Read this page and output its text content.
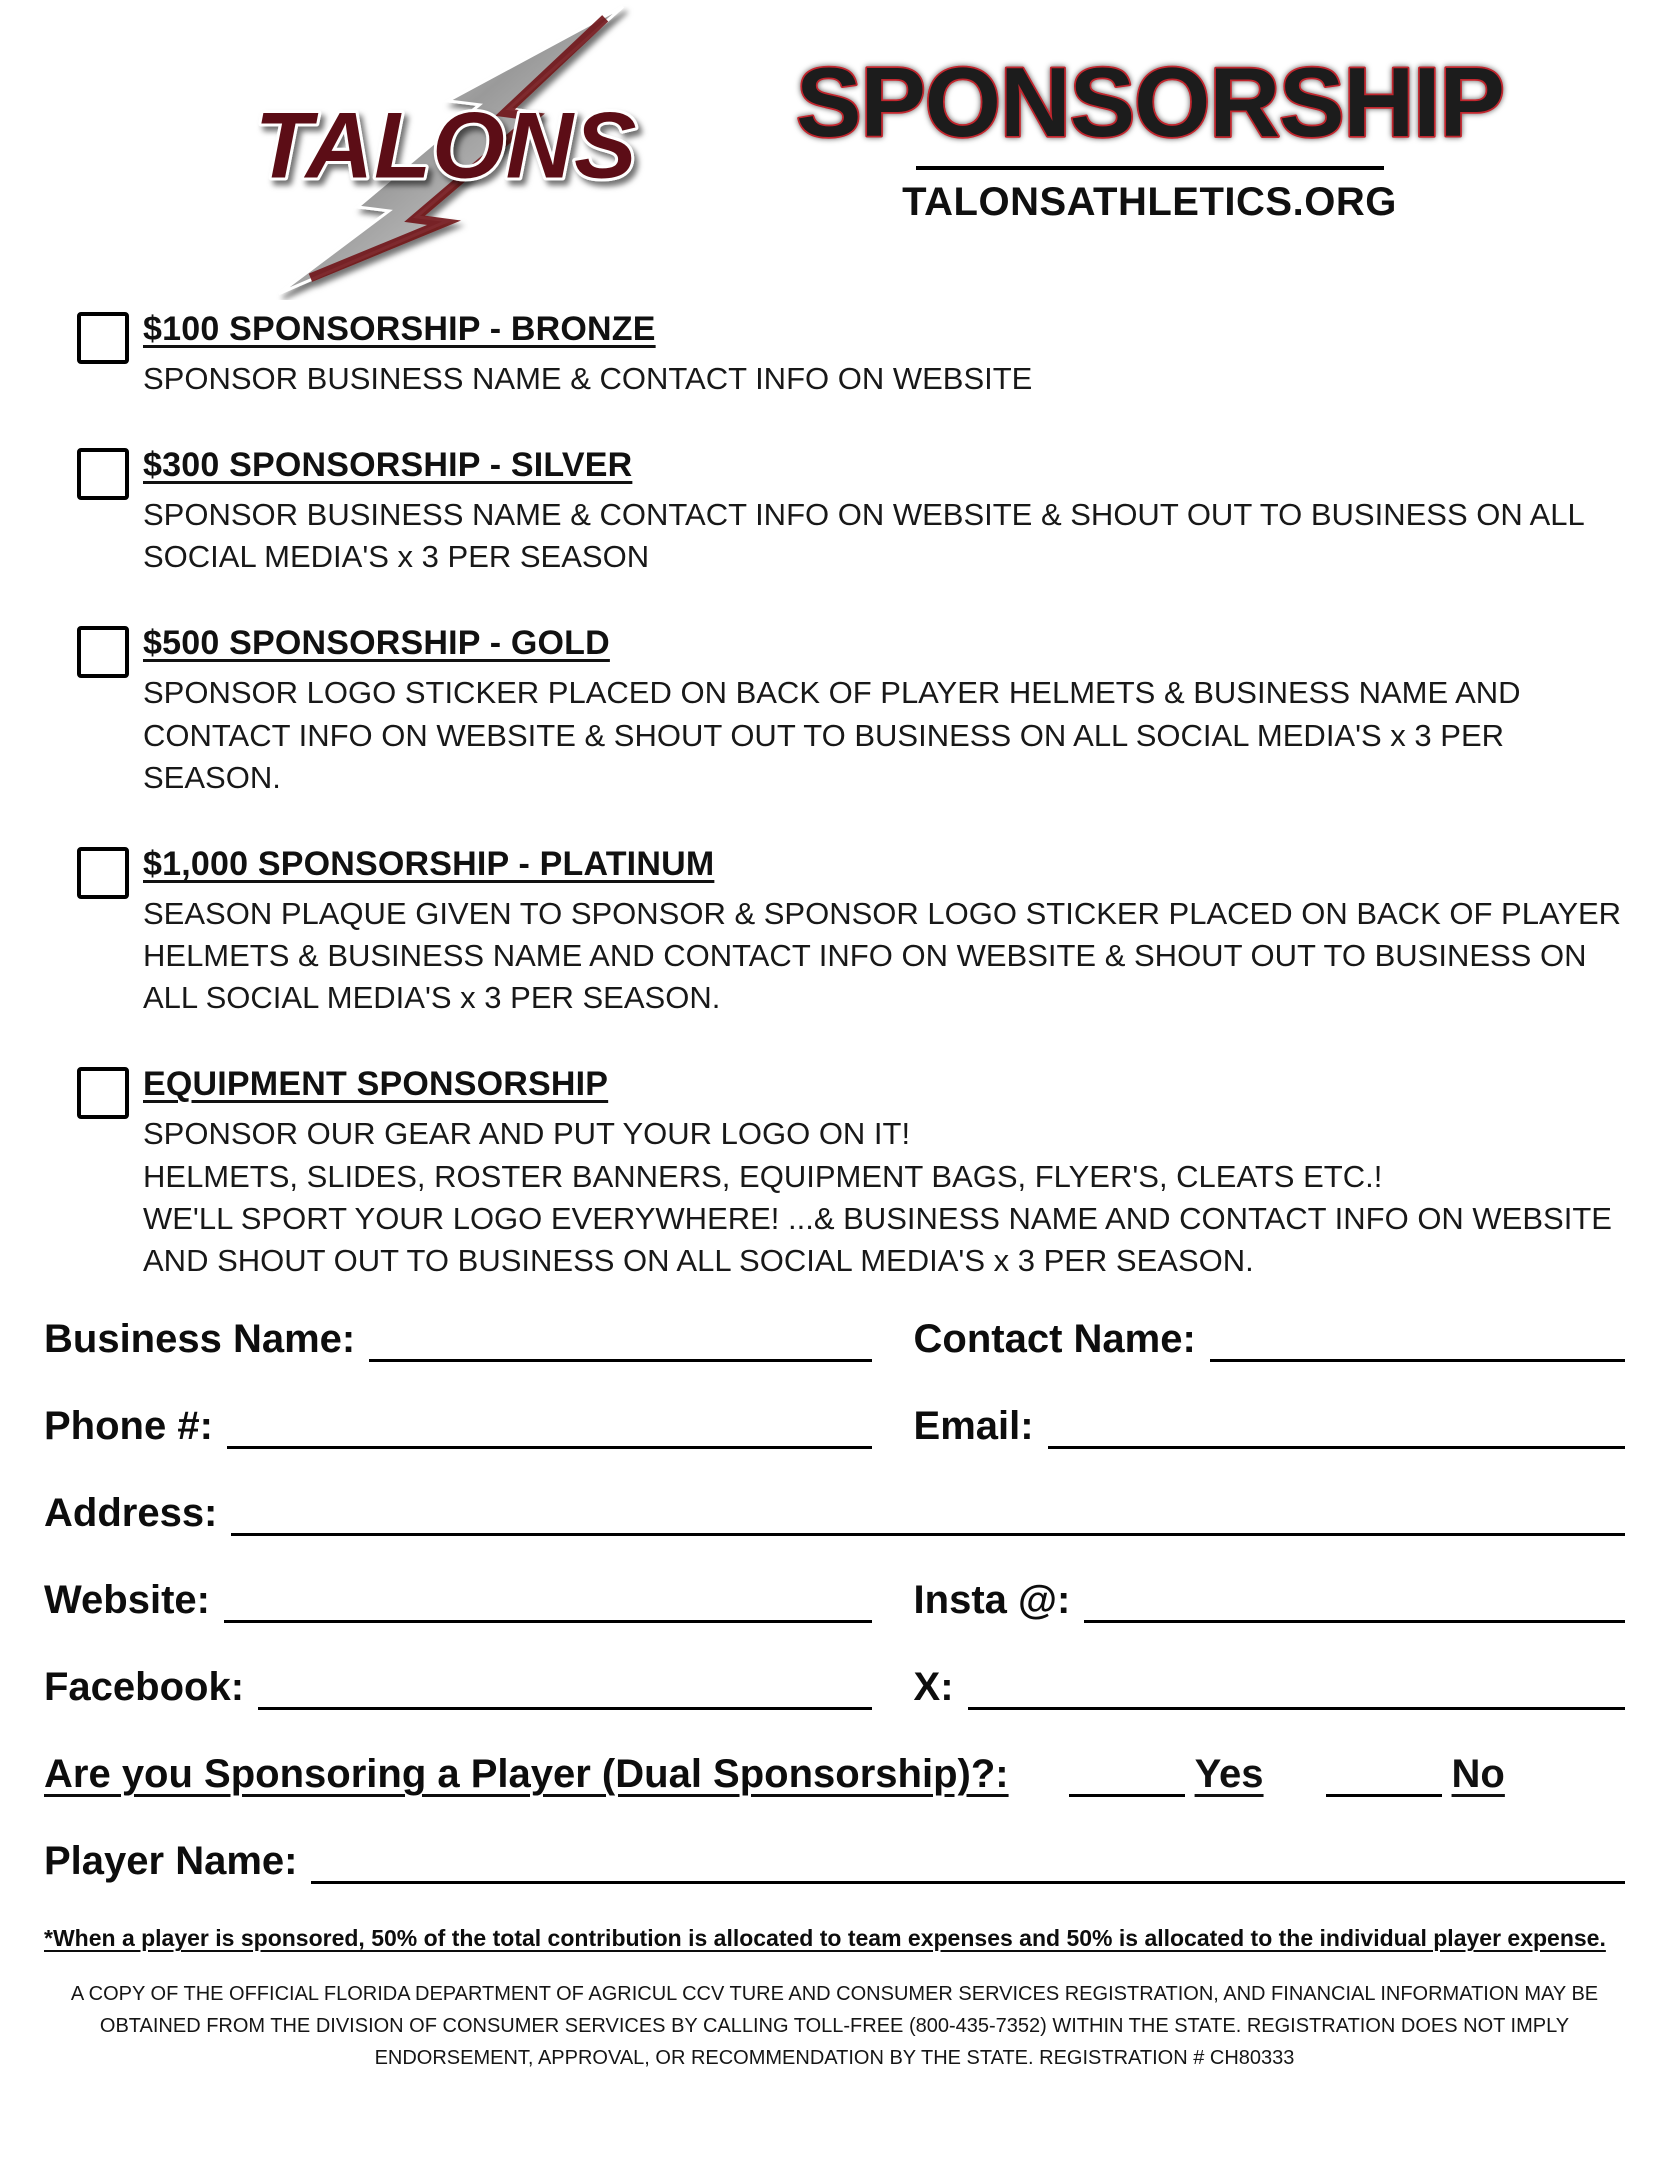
TALONS SPONSORSHIP
TALONSATHLETICS.ORG
$100 SPONSORSHIP - BRONZE
SPONSOR BUSINESS NAME & CONTACT INFO ON WEBSITE
$300 SPONSORSHIP - SILVER
SPONSOR BUSINESS NAME & CONTACT INFO ON WEBSITE & SHOUT OUT TO BUSINESS ON ALL SOCIAL MEDIA'S x 3 PER SEASON
$500 SPONSORSHIP - GOLD
SPONSOR LOGO STICKER PLACED ON BACK OF PLAYER HELMETS & BUSINESS NAME AND CONTACT INFO ON WEBSITE & SHOUT OUT TO BUSINESS ON ALL SOCIAL MEDIA'S x 3 PER SEASON.
$1,000 SPONSORSHIP - PLATINUM
SEASON PLAQUE GIVEN TO SPONSOR & SPONSOR LOGO STICKER PLACED ON BACK OF PLAYER HELMETS & BUSINESS NAME AND CONTACT INFO ON WEBSITE & SHOUT OUT TO BUSINESS ON ALL SOCIAL MEDIA'S x 3 PER SEASON.
EQUIPMENT SPONSORSHIP
SPONSOR OUR GEAR AND PUT YOUR LOGO ON IT!
HELMETS, SLIDES, ROSTER BANNERS, EQUIPMENT BAGS, FLYER'S, CLEATS ETC.!
WE'LL SPORT YOUR LOGO EVERYWHERE! ...& BUSINESS NAME AND CONTACT INFO ON WEBSITE AND SHOUT OUT TO BUSINESS ON ALL SOCIAL MEDIA'S x 3 PER SEASON.
Business Name:	Contact Name:
Phone #:	Email:
Address:
Website:	Insta @:
Facebook:	X:
Are you Sponsoring a Player (Dual Sponsorship)?:	Yes	No
Player Name:
*When a player is sponsored, 50% of the total contribution is allocated to team expenses and 50% is allocated to the individual player expense.
A COPY OF THE OFFICIAL FLORIDA DEPARTMENT OF AGRICUL CCV TURE AND CONSUMER SERVICES REGISTRATION, AND FINANCIAL INFORMATION MAY BE OBTAINED FROM THE DIVISION OF CONSUMER SERVICES BY CALLING TOLL-FREE (800-435-7352) WITHIN THE STATE. REGISTRATION DOES NOT IMPLY ENDORSEMENT, APPROVAL, OR RECOMMENDATION BY THE STATE. REGISTRATION # CH80333
